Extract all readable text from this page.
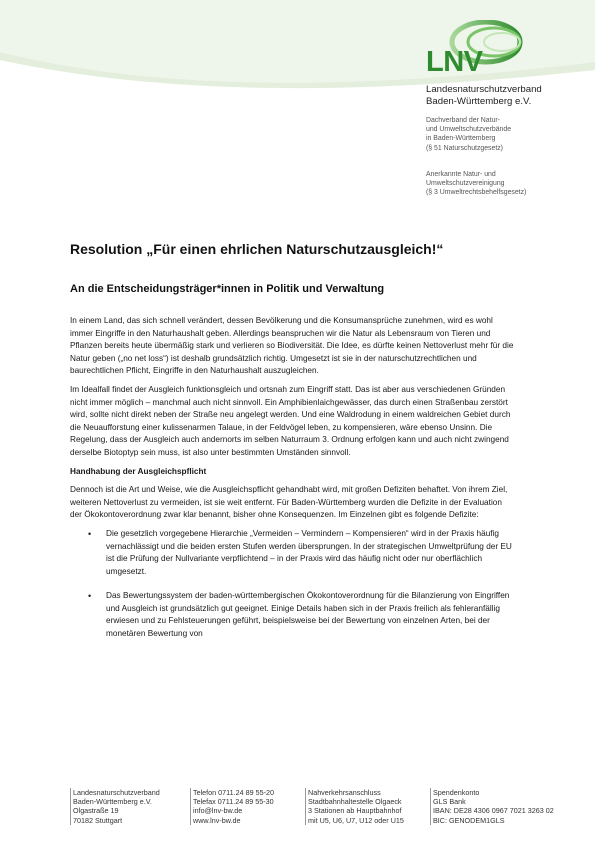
LNV
Landesnaturschutzverband
Baden-Württemberg e.V.
Dachverband der Natur-
und Umweltschutzverbände
in Baden-Württemberg
(§ 51 Naturschutzgesetz)
Anerkannte Natur- und
Umweltschutzvereinigung
(§ 3 Umweltrechtsbehelfsgesetz)
Resolution „Für einen ehrlichen Naturschutzausgleich!“
An die Entscheidungsträger*innen in Politik und Verwaltung

In einem Land, das sich schnell verändert, dessen Bevölkerung und die Konsumansprüche zunehmen, wird es wohl immer Eingriffe in den Naturhaushalt geben. Allerdings beanspruchen wir die Natur als Lebensraum von Tieren und Pflanzen bereits heute übermäßig stark und verlieren so Biodiversität. Die Idee, es dürfte keinen Nettoverlust mehr für die Natur geben („no net loss“) ist deshalb grundsätzlich richtig. Umgesetzt ist sie in der naturschutzrechtlichen und baurechtlichen Pflicht, Eingriffe in den Naturhaushalt auszugleichen.

Im Idealfall findet der Ausgleich funktionsgleich und ortsnah zum Eingriff statt. Das ist aber aus verschiedenen Gründen nicht immer möglich – manchmal auch nicht sinnvoll. Ein Amphibienlaichgewässer, das durch einen Straßenbau zerstört wird, sollte nicht direkt neben der Straße neu angelegt werden. Und eine Waldrodung in einem waldreichen Gebiet durch die Neuaufforstung einer kulissenarmen Talaue, in der Feldvögel leben, zu kompensieren, wäre ebenso Unsinn. Die Regelung, dass der Ausgleich auch andernorts im selben Naturraum 3. Ordnung erfolgen kann und auch nicht zwingend derselbe Biotoptyp sein muss, ist also unter bestimmten Umständen sinnvoll.

Handhabung der Ausgleichspflicht

Dennoch ist die Art und Weise, wie die Ausgleichspflicht gehandhabt wird, mit großen Defiziten behaftet. Von ihrem Ziel, weiteren Nettoverlust zu vermeiden, ist sie weit entfernt. Für Baden-Württemberg wurden die Defizite in der Evaluation der Ökokontoverordnung zwar klar benannt, bisher ohne Konsequenzen. Im Einzelnen gibt es folgende Defizite:

• Die gesetzlich vorgegebene Hierarchie „Vermeiden – Vermindern – Kompensieren“ wird in der Praxis häufig vernachlässigt und die beiden ersten Stufen werden übersprungen. In der strategischen Umweltprüfung der EU ist die Prüfung der Nullvariante verpflichtend – in der Praxis wird das häufig nicht oder nur oberflächlich umgesetzt.
• Das Bewertungssystem der baden-württembergischen Ökokontoverordnung für die Bilanzierung von Eingriffen und Ausgleich ist grundsätzlich gut geeignet. Einige Details haben sich in der Praxis freilich als fehleranfällig erwiesen und zu Fehlsteuerungen geführt, beispielsweise bei der Bewertung von einzelnen Arten, bei der monetären Bewertung von
Landesnaturschutzverband
Baden-Württemberg e.V.
Olgastraße 19
70182 Stuttgart
Telefon 0711.24 89 55-20
Telefax 0711.24 89 55-30
info@lnv-bw.de
www.lnv-bw.de
Nahverkehrsanschluss
Stadtbahnhaltestelle Olgaeck
3 Stationen ab Hauptbahnhof
mit U5, U6, U7, U12 oder U15
Spendenkonto
GLS Bank
IBAN: DE28 4306 0967 7021 3263 02
BIC: GENODEM1GLS
